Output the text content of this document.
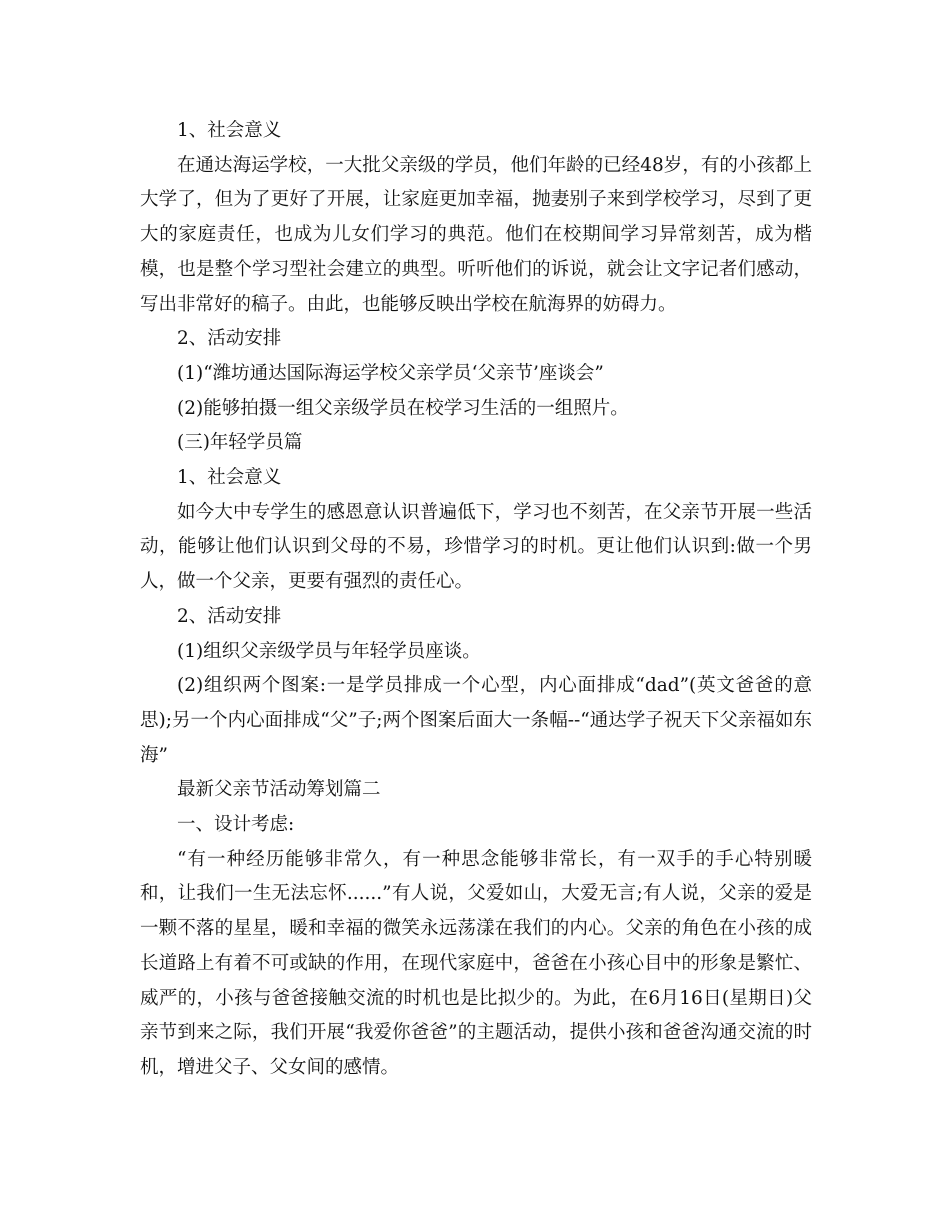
1、社会意义

在通达海运学校，一大批父亲级的学员，他们年龄的已经48岁，有的小孩都上大学了，但为了更好了开展，让家庭更加幸福，抛妻别子来到学校学习，尽到了更大的家庭责任，也成为儿女们学习的典范。他们在校期间学习异常刻苦，成为楷模，也是整个学习型社会建立的典型。听听他们的诉说，就会让文字记者们感动，写出非常好的稿子。由此，也能够反映出学校在航海界的妨碍力。

2、活动安排

(1)“潍坊通达国际海运学校父亲学员‘父亲节’座谈会”

(2)能够拍摄一组父亲级学员在校学习生活的一组照片。

(三)年轻学员篇

1、社会意义

如今大中专学生的感恩意认识普遍低下，学习也不刻苦，在父亲节开展一些活动，能够让他们认识到父母的不易，珍惜学习的时机。更让他们认识到:做一个男人，做一个父亲，更要有强烈的责任心。

2、活动安排

(1)组织父亲级学员与年轻学员座谈。

(2)组织两个图案:一是学员排成一个心型，内心面排成“dad”(英文爸爸的意思);另一个内心面排成“父”子;两个图案后面大一条幅--“通达学子祝天下父亲福如东海”

最新父亲节活动筹划篇二

一、设计考虑:

“有一种经历能够非常久，有一种思念能够非常长，有一双手的手心特别暖和，让我们一生无法忘怀......”有人说，父爱如山，大爱无言;有人说，父亲的爱是一颗不落的星星，暖和幸福的微笑永远荡漾在我们的内心。父亲的角色在小孩的成长道路上有着不可或缺的作用，在现代家庭中，爸爸在小孩心目中的形象是繁忙、威严的，小孩与爸爸接触交流的时机也是比拟少的。为此，在6月16日(星期日)父亲节到来之际，我们开展“我爱你爸爸”的主题活动，提供小孩和爸爸沟通交流的时机，增进父子、父女间的感情。
